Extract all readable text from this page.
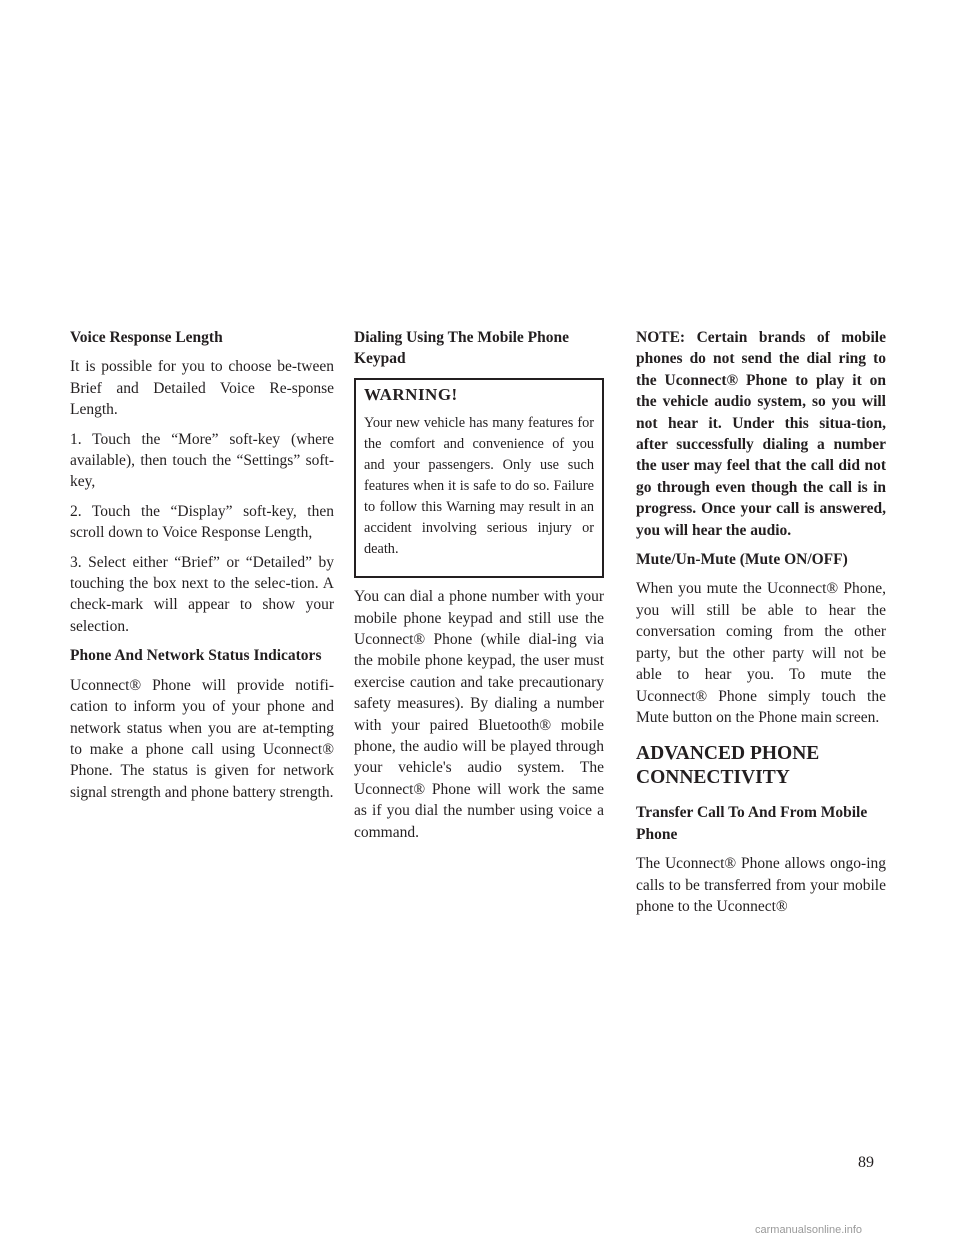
Voice Response Length

It is possible for you to choose be-tween Brief and Detailed Voice Re-sponse Length.

1. Touch the “More” soft-key (where available), then touch the “Settings” soft-key,

2. Touch the “Display” soft-key, then scroll down to Voice Response Length,

3. Select either “Brief” or “Detailed” by touching the box next to the selec-tion. A check-mark will appear to show your selection.

Phone And Network Status Indicators

Uconnect® Phone will provide notifi-cation to inform you of your phone and network status when you are at-tempting to make a phone call using Uconnect® Phone. The status is given for network signal strength and phone battery strength.

Dialing Using The Mobile Phone Keypad

WARNING!

Your new vehicle has many features for the comfort and convenience of you and your passengers. Only use such features when it is safe to do so. Failure to follow this Warning may result in an accident involving serious injury or death.

You can dial a phone number with your mobile phone keypad and still use the Uconnect® Phone (while dial-ing via the mobile phone keypad, the user must exercise caution and take precautionary safety measures). By dialing a number with your paired Bluetooth® mobile phone, the audio will be played through your vehicle's audio system. The Uconnect® Phone will work the same as if you dial the number using voice a command.

NOTE: Certain brands of mobile phones do not send the dial ring to the Uconnect® Phone to play it on the vehicle audio system, so you will not hear it. Under this situa-tion, after successfully dialing a number the user may feel that the call did not go through even though the call is in progress. Once your call is answered, you will hear the audio.

Mute/Un-Mute (Mute ON/OFF)

When you mute the Uconnect® Phone, you will still be able to hear the conversation coming from the other party, but the other party will not be able to hear you. To mute the Uconnect® Phone simply touch the Mute button on the Phone main screen.

ADVANCED PHONE CONNECTIVITY

Transfer Call To And From Mobile Phone

The Uconnect® Phone allows ongo-ing calls to be transferred from your mobile phone to the Uconnect®

89
carmanualsonline.info
